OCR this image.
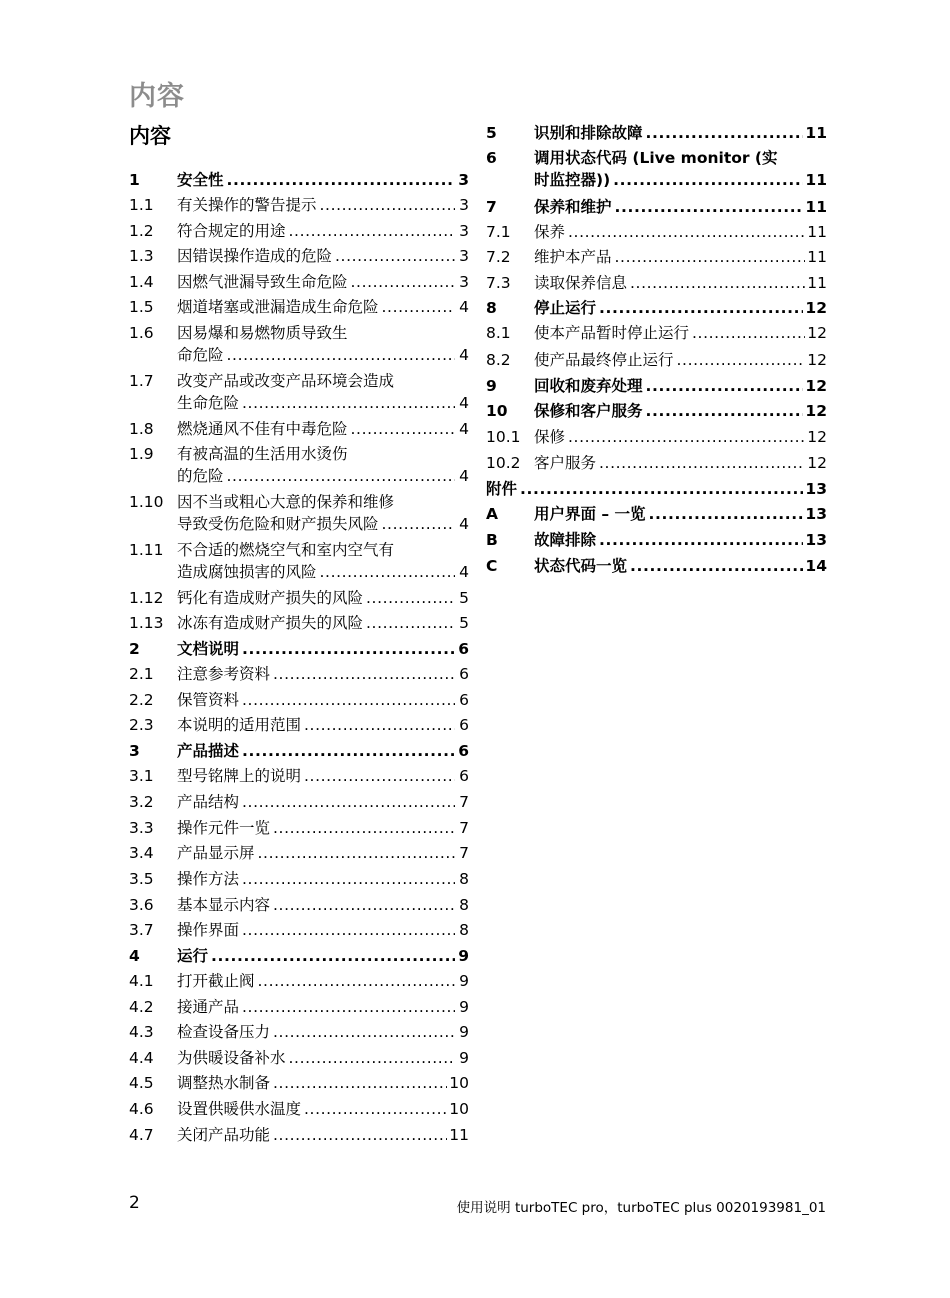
内容
内容
1	安全性 .....	3
1.1	有关操作的警告提示 .....	3
1.2	符合规定的用途 .....	3
1.3	因错误操作造成的危险 .....	3
1.4	因燃气泄漏导致生命危险 .....	3
1.5	烟道堵塞或泄漏造成生命危险 .....	4
1.6	因易爆和易燃物质导致生
命危险 .....	4
1.7	改变产品或改变产品环境会造成
生命危险 .....	4
1.8	燃烧通风不佳有中毒危险 .....	4
1.9	有被高温的生活用水烫伤
的危险 .....	4
1.10 因不当或粗心大意的保养和维修
导致受伤危险和财产损失风险 .....	4
1.11 不合适的燃烧空气和室内空气有
造成腐蚀损害的风险 .....	4
1.12 钙化有造成财产损失的风险 .....	5
1.13 冰冻有造成财产损失的风险 .....	5
2	文档说明 .....	6
2.1	注意参考资料 .....	6
2.2	保管资料 .....	6
2.3	本说明的适用范围 .....	6
3	产品描述 .....	6
3.1	型号铭牌上的说明 .....	6
3.2	产品结构 .....	7
3.3	操作元件一览 .....	7
3.4	产品显示屏 .....	7
3.5	操作方法 .....	8
3.6	基本显示内容 .....	8
3.7	操作界面 .....	8
4	运行 .....	9
4.1	打开截止阀 .....	9
4.2	接通产品 .....	9
4.3	检查设备压力 .....	9
4.4	为供暖设备补水 .....	9
4.5	调整热水制备 .....	10
4.6	设置供暖供水温度 .....	10
4.7	关闭产品功能 .....	11
5	识别和排除故障 .....	11
6	调用状态代码 (Live monitor (实
时监控器)) .....	11
7	保养和维护 .....	11
7.1	保养 .....	11
7.2	维护本产品 .....	11
7.3	读取保养信息 .....	11
8	停止运行 .....	12
8.1	使本产品暂时停止运行 .....	12
8.2	使产品最终停止运行 .....	12
9	回收和废弃处理 .....	12
10	保修和客户服务 .....	12
10.1 保修 .....	12
10.2 客户服务 .....	12
附件 .....	13
A	用户界面 – 一览 .....	13
B	故障排除 .....	13
C	状态代码一览 .....	14
2	使用说明 turboTEC pro，turboTEC plus 0020193981_01
